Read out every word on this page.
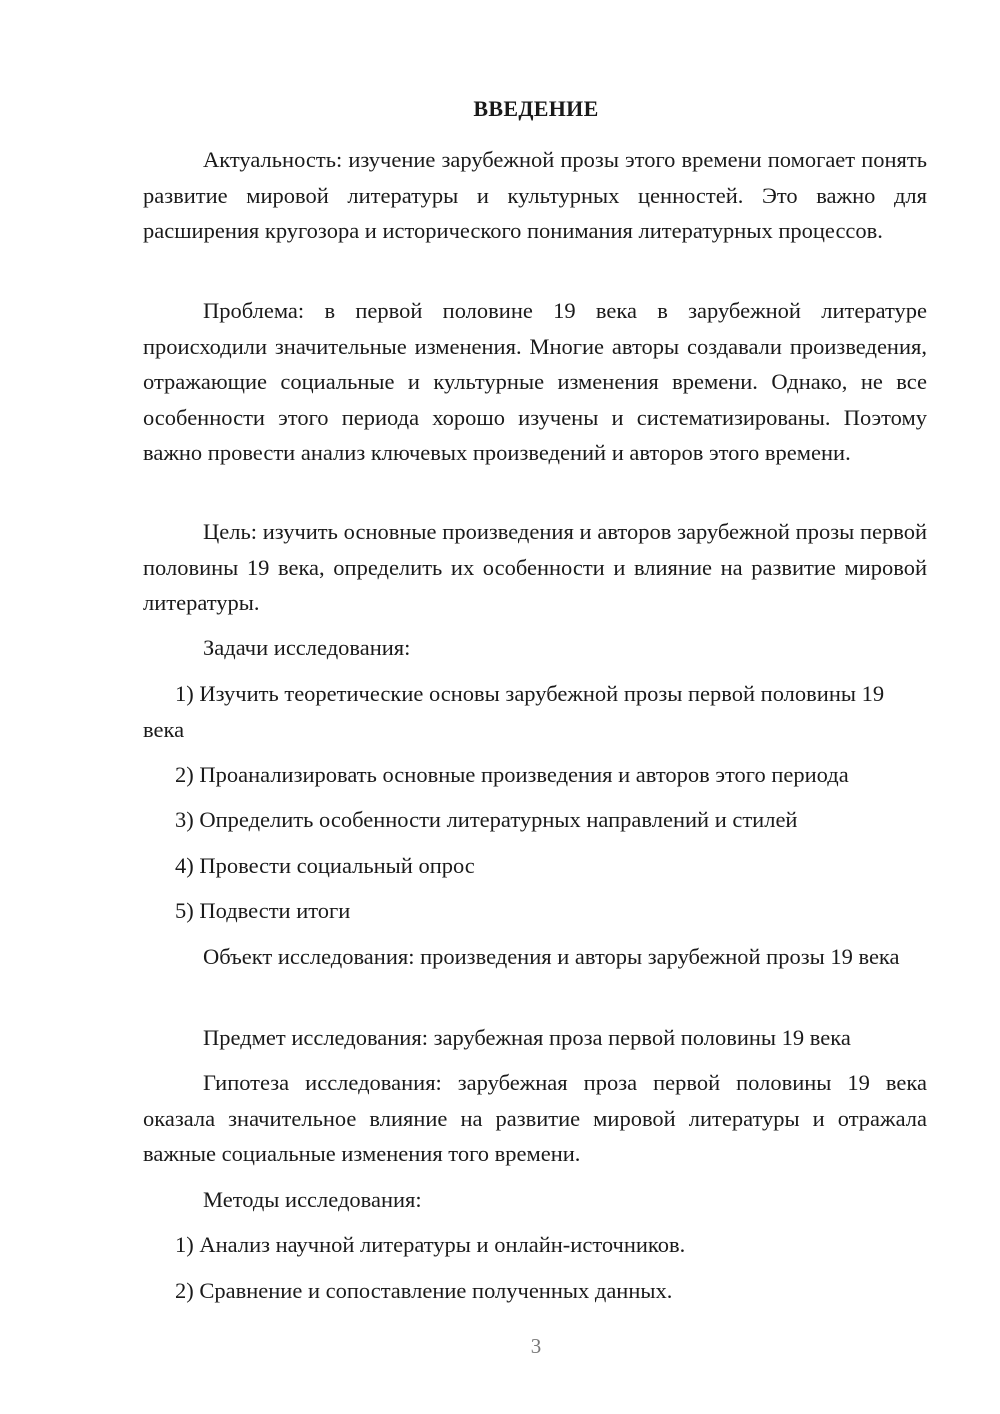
ВВЕДЕНИЕ

Актуальность: изучение зарубежной прозы этого времени помогает понять развитие мировой литературы и культурных ценностей. Это важно для расширения кругозора и исторического понимания литературных процессов.

Проблема: в первой половине 19 века в зарубежной литературе происходили значительные изменения. Многие авторы создавали произведения, отражающие социальные и культурные изменения времени. Однако, не все особенности этого периода хорошо изучены и систематизированы. Поэтому важно провести анализ ключевых произведений и авторов этого времени.

Цель: изучить основные произведения и авторов зарубежной прозы первой половины 19 века, определить их особенности и влияние на развитие мировой литературы.

Задачи исследования:

1) Изучить теоретические основы зарубежной прозы первой половины 19 века

2) Проанализировать основные произведения и авторов этого периода

3) Определить особенности литературных направлений и стилей

4) Провести социальный опрос

5) Подвести итоги

Объект исследования: произведения и авторы зарубежной прозы 19 века

Предмет исследования: зарубежная проза первой половины 19 века

Гипотеза исследования: зарубежная проза первой половины 19 века оказала значительное влияние на развитие мировой литературы и отражала важные социальные изменения того времени.

Методы исследования:

1) Анализ научной литературы и онлайн-источников.

2) Сравнение и сопоставление полученных данных.

3
